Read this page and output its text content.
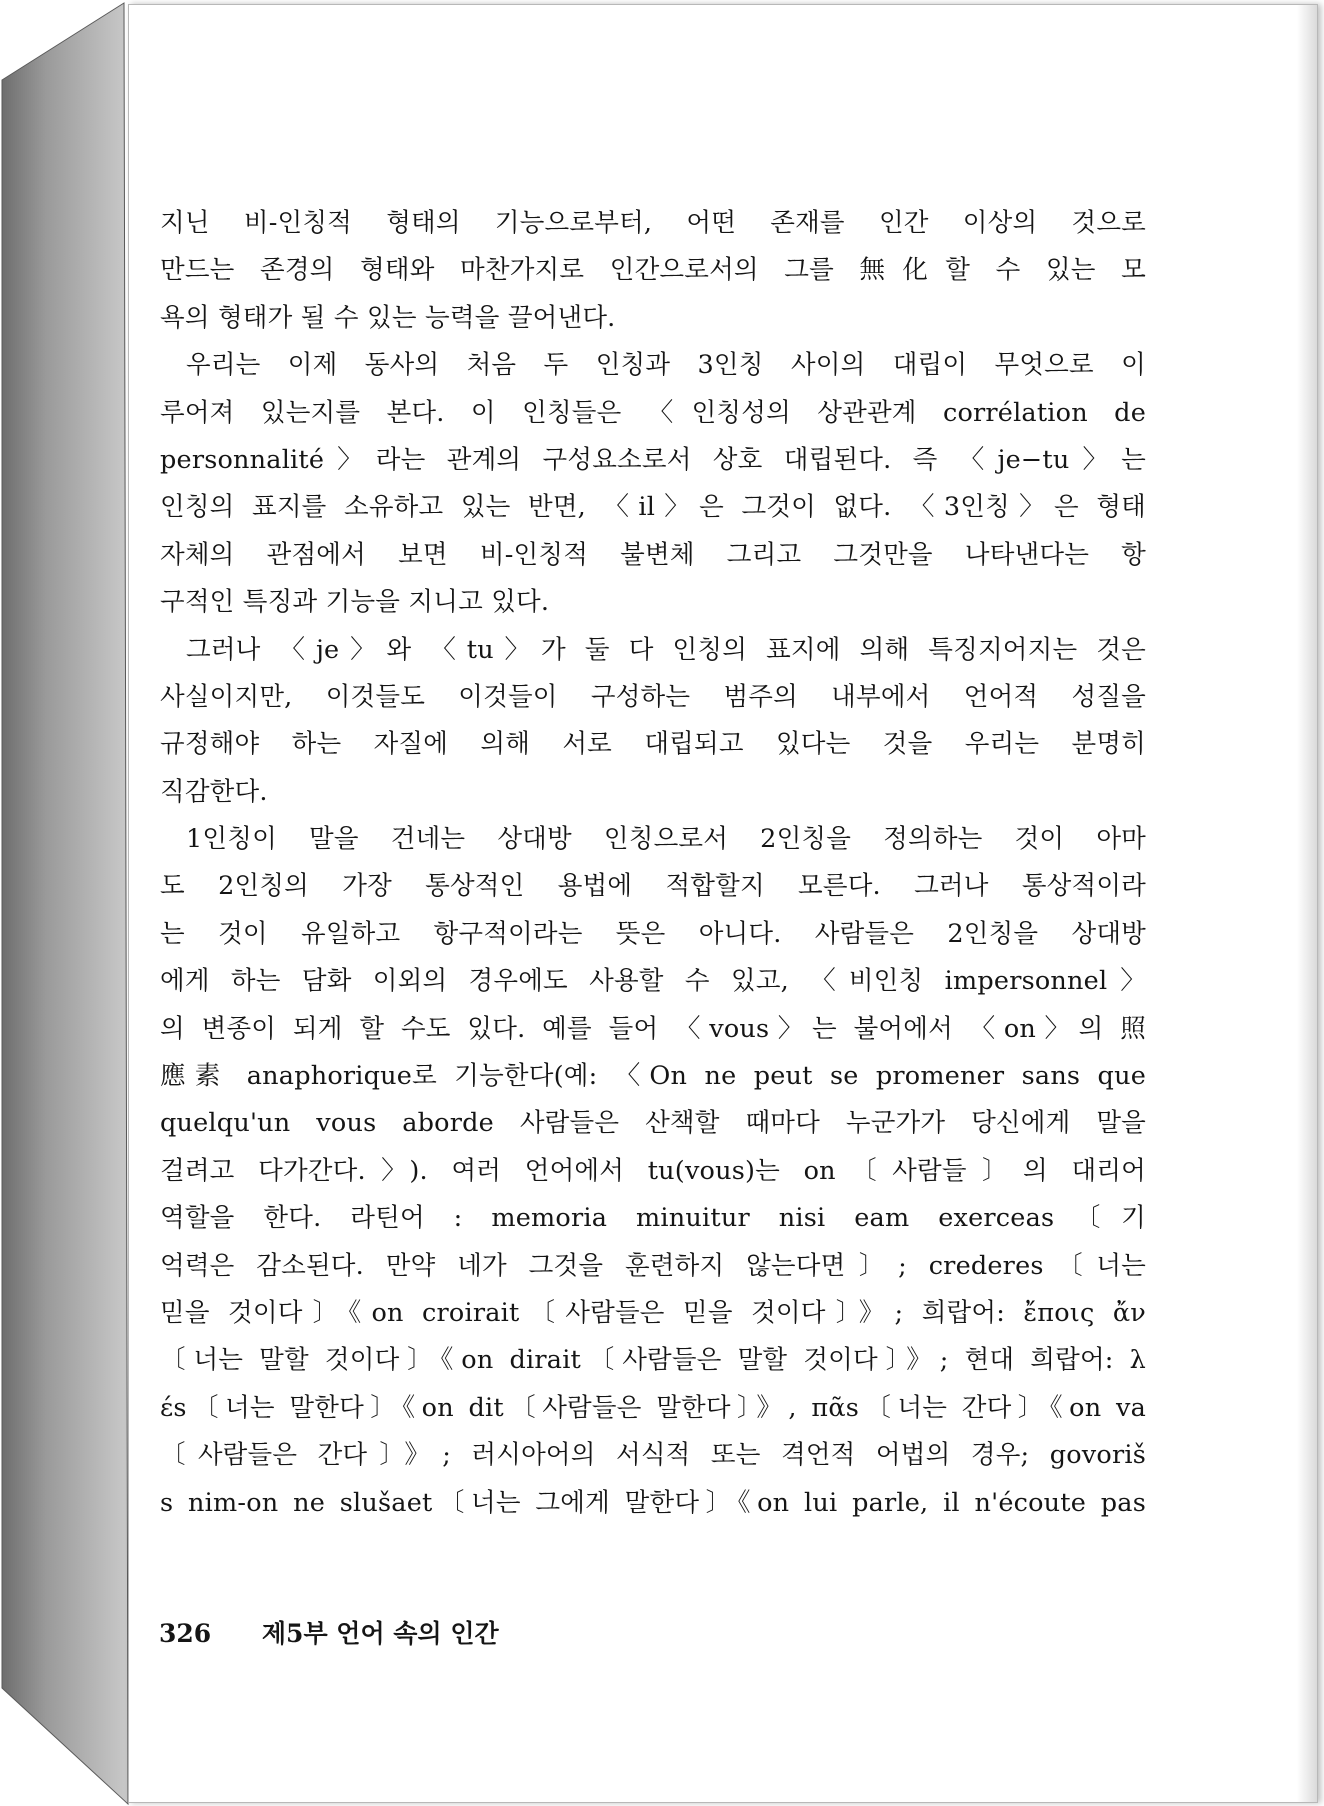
지닌 비-인칭적 형태의 기능으로부터, 어떤 존재를 인간 이상의 것으로
만드는 존경의 형태와 마찬가지로 인간으로서의 그를 無化할 수 있는 모
욕의 형태가 될 수 있는 능력을 끌어낸다.
우리는 이제 동사의 처음 두 인칭과 3인칭 사이의 대립이 무엇으로 이
루어져 있는지를 본다. 이 인칭들은 〈인칭성의 상관관계 corrélation de
personnalité〉라는 관계의 구성요소로서 상호 대립된다. 즉 〈je−tu〉는
인칭의 표지를 소유하고 있는 반면, 〈il〉은 그것이 없다. 〈3인칭〉은 형태
자체의 관점에서 보면 비-인칭적 불변체 그리고 그것만을 나타낸다는 항
구적인 특징과 기능을 지니고 있다.
그러나 〈je〉와 〈tu〉가 둘 다 인칭의 표지에 의해 특징지어지는 것은
사실이지만, 이것들도 이것들이 구성하는 범주의 내부에서 언어적 성질을
규정해야 하는 자질에 의해 서로 대립되고 있다는 것을 우리는 분명히
직감한다.
1인칭이 말을 건네는 상대방 인칭으로서 2인칭을 정의하는 것이 아마
도 2인칭의 가장 통상적인 용법에 적합할지 모른다. 그러나 통상적이라
는 것이 유일하고 항구적이라는 뜻은 아니다. 사람들은 2인칭을 상대방
에게 하는 담화 이외의 경우에도 사용할 수 있고, 〈비인칭 impersonnel〉
의 변종이 되게 할 수도 있다. 예를 들어 〈vous〉는 불어에서 〈on〉의 照
應素 anaphorique로 기능한다(예: 〈On ne peut se promener sans que
quelqu'un vous aborde 사람들은 산책할 때마다 누군가가 당신에게 말을
걸려고 다가간다.〉). 여러 언어에서 tu(vous)는 on〔사람들〕의 대리어
역할을 한다. 라틴어 : memoria minuitur nisi eam exerceas〔기
억력은 감소된다. 만약 네가 그것을 훈련하지 않는다면〕; crederes〔너는
믿을 것이다〕《on croirait〔사람들은 믿을 것이다〕》; 희랍어: ἔποις ἄν
〔너는 말할 것이다〕《on dirait〔사람들은 말할 것이다〕》; 현대 희랍어: λ
έs〔너는 말한다〕《on dit〔사람들은 말한다〕》, πᾶs〔너는 간다〕《on va
〔사람들은 간다〕》; 러시아어의 서식적 또는 격언적 어법의 경우; govoriš
s nim-on ne slušaet〔너는 그에게 말한다〕《on lui parle, il n'écoute pas
326 제5부 언어 속의 인간
